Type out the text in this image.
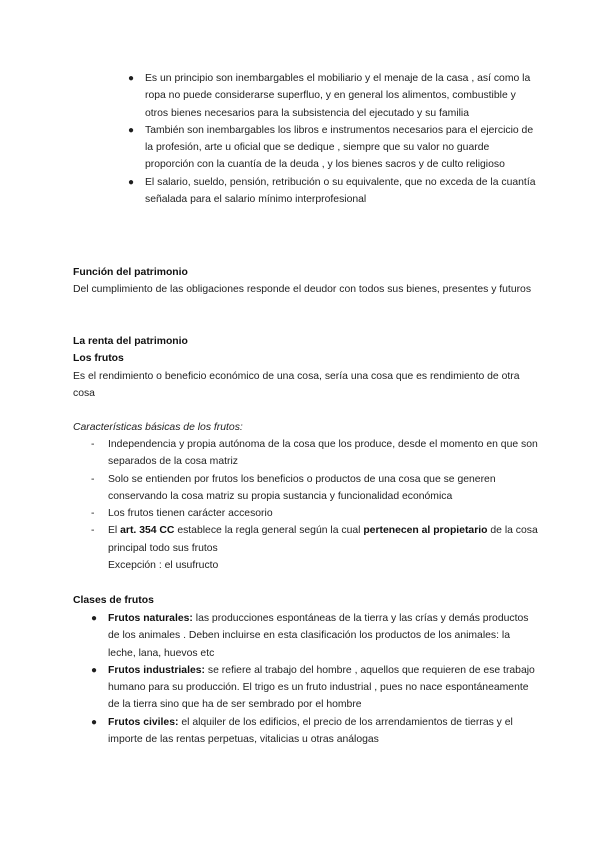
● Es un principio son inembargables el mobiliario y el menaje de la casa , así como la ropa no puede considerarse superfluo, y en general los alimentos, combustible y otros bienes necesarios para la subsistencia del ejecutado y su familia

● También son inembargables los libros e instrumentos necesarios para el ejercicio de la profesión, arte u oficial que se dedique , siempre que su valor no guarde proporción con la cuantía de la deuda , y los bienes sacros y de culto religioso

● El salario, sueldo, pensión, retribución o su equivalente, que no exceda de la cuantía señalada para el salario mínimo interprofesional

Función del patrimonio

Del cumplimiento de las obligaciones responde el deudor con todos sus bienes, presentes y futuros

La renta del patrimonio

Los frutos

Es el rendimiento o beneficio económico de una cosa, sería una cosa que es rendimiento de otra cosa

Características básicas de los frutos:

- Independencia y propia autónoma de la cosa que los produce, desde el momento en que son separados de la cosa matriz

- Solo se entienden por frutos los beneficios o productos de una cosa que se generen conservando la cosa matriz su propia sustancia y funcionalidad económica

- Los frutos tienen carácter accesorio

- El art. 354 CC establece la regla general según la cual pertenecen al propietario de la cosa principal todo sus frutos

Excepción : el usufructo

Clases de frutos

● Frutos naturales: las producciones espontáneas de la tierra y las crías y demás productos de los animales . Deben incluirse en esta clasificación los productos de los animales: la leche, lana, huevos etc

● Frutos industriales: se refiere al trabajo del hombre , aquellos que requieren de ese trabajo humano para su producción. El trigo es un fruto industrial , pues no nace espontáneamente de la tierra sino que ha de ser sembrado por el hombre

● Frutos civiles: el alquiler de los edificios, el precio de los arrendamientos de tierras y el importe de las rentas perpetuas, vitalicias u otras análogas
